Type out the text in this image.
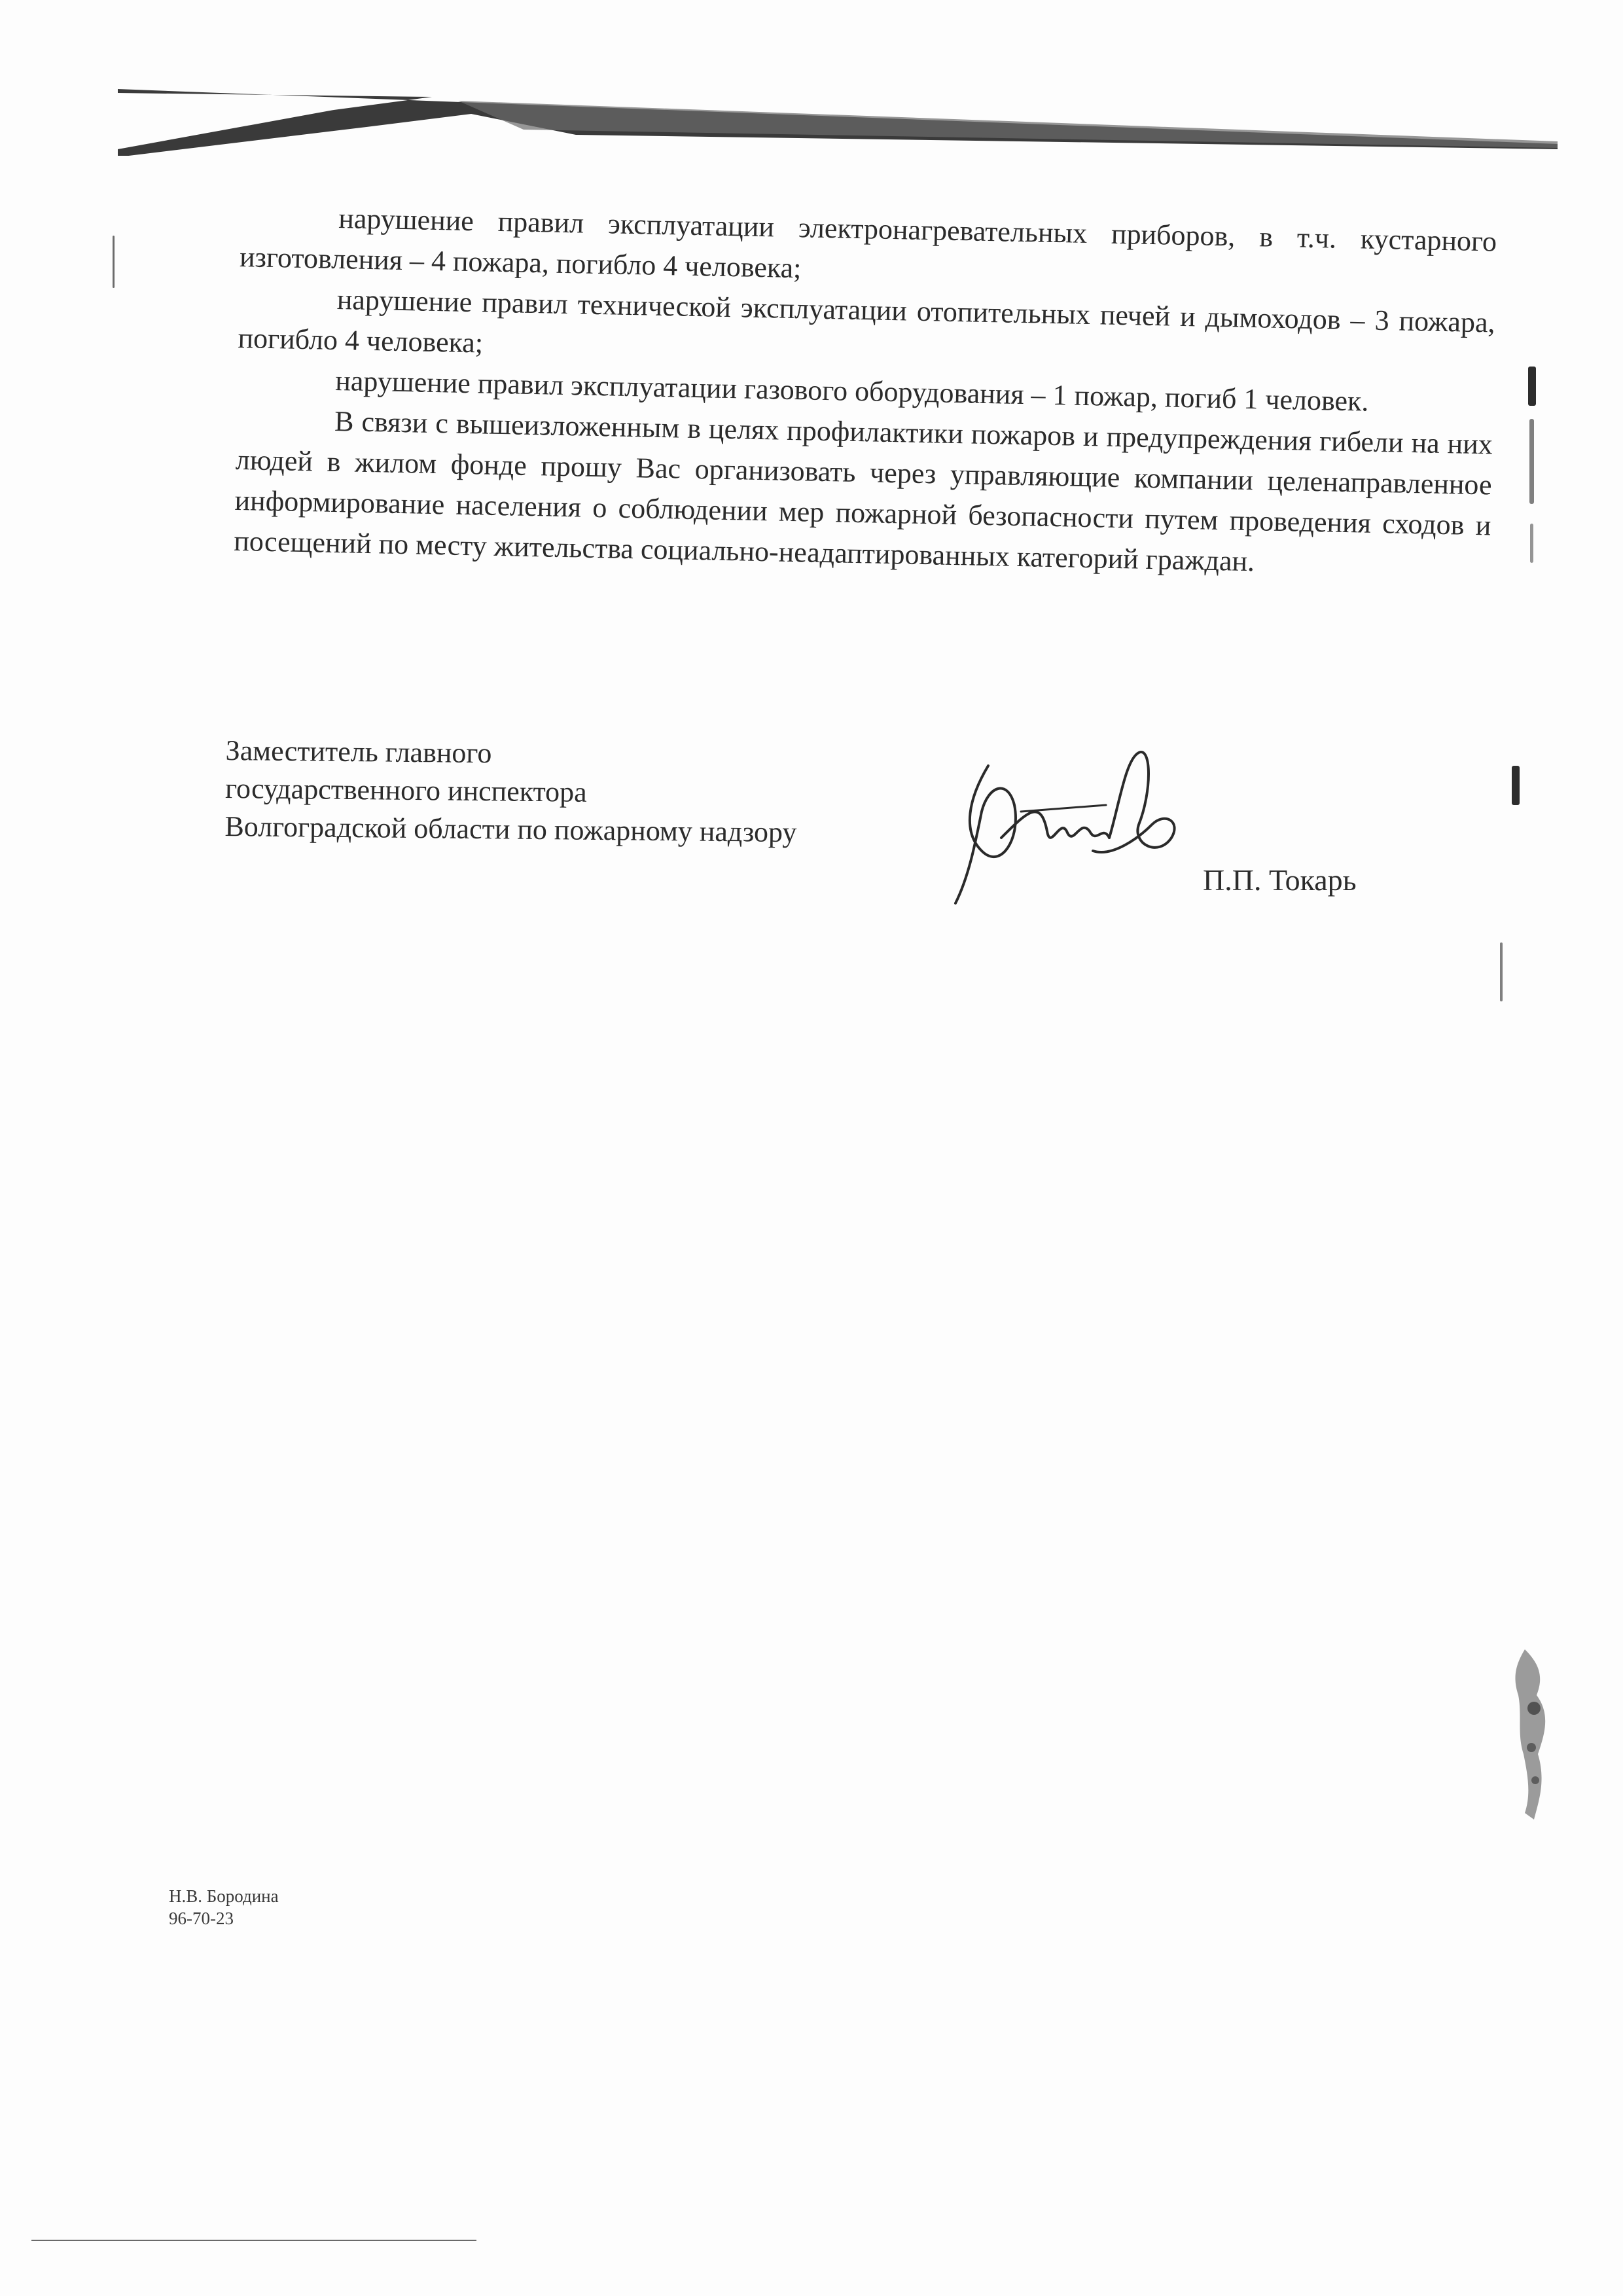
нарушение правил эксплуатации электронагревательных приборов, в т.ч. кустарного изготовления – 4 пожара, погибло 4 человека;

нарушение правил технической эксплуатации отопительных печей и дымоходов – 3 пожара, погибло 4 человека;

нарушение правил эксплуатации газового оборудования – 1 пожар, погиб 1 человек.

В связи с вышеизложенным в целях профилактики пожаров и предупреждения гибели на них людей в жилом фонде прошу Вас организовать через управляющие компании целенаправленное информирование населения о соблюдении мер пожарной безопасности путем проведения сходов и посещений по месту жительства социально-неадаптированных категорий граждан.

Заместитель главного
государственного инспектора
Волгоградской области по пожарному надзору
П.П. Токарь
Н.В. Бородина
96-70-23
